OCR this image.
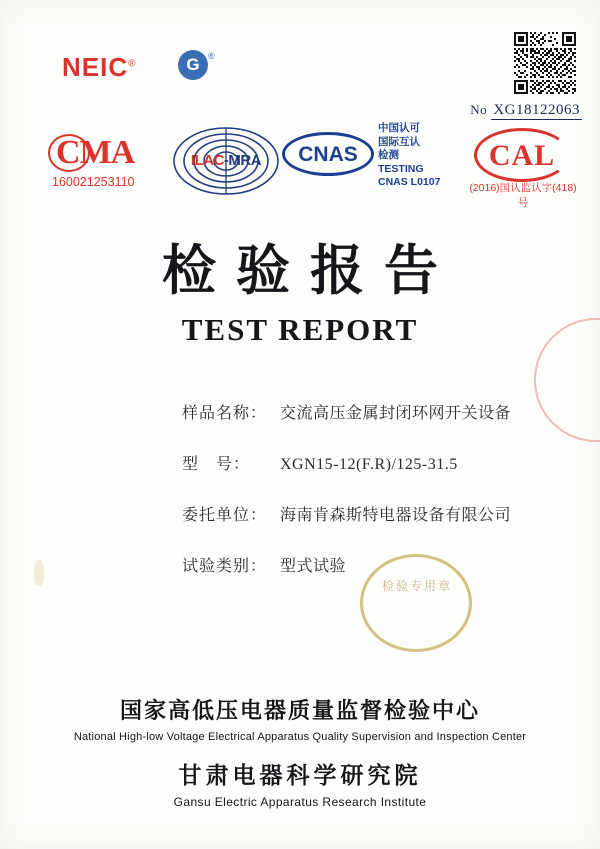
NEIC®	G ®
No XG18122063
CMA
160021253110
ILAC-MRA	CNAS
中国认可
国际互认
检测
TESTING
CNAS L0107
CAL
(2016)国认监认字(418)号
检验报告
TEST REPORT
样品名称： 交流高压金属封闭环网开关设备
型　号：	XGN15-12(F.R)/125-31.5
委托单位： 海南肯森斯特电器设备有限公司
试验类别： 型式试验
检验专用章
国家高低压电器质量监督检验中心
National High-low Voltage Electrical Apparatus Quality Supervision and Inspection Center
甘肃电器科学研究院
Gansu Electric Apparatus Research Institute
